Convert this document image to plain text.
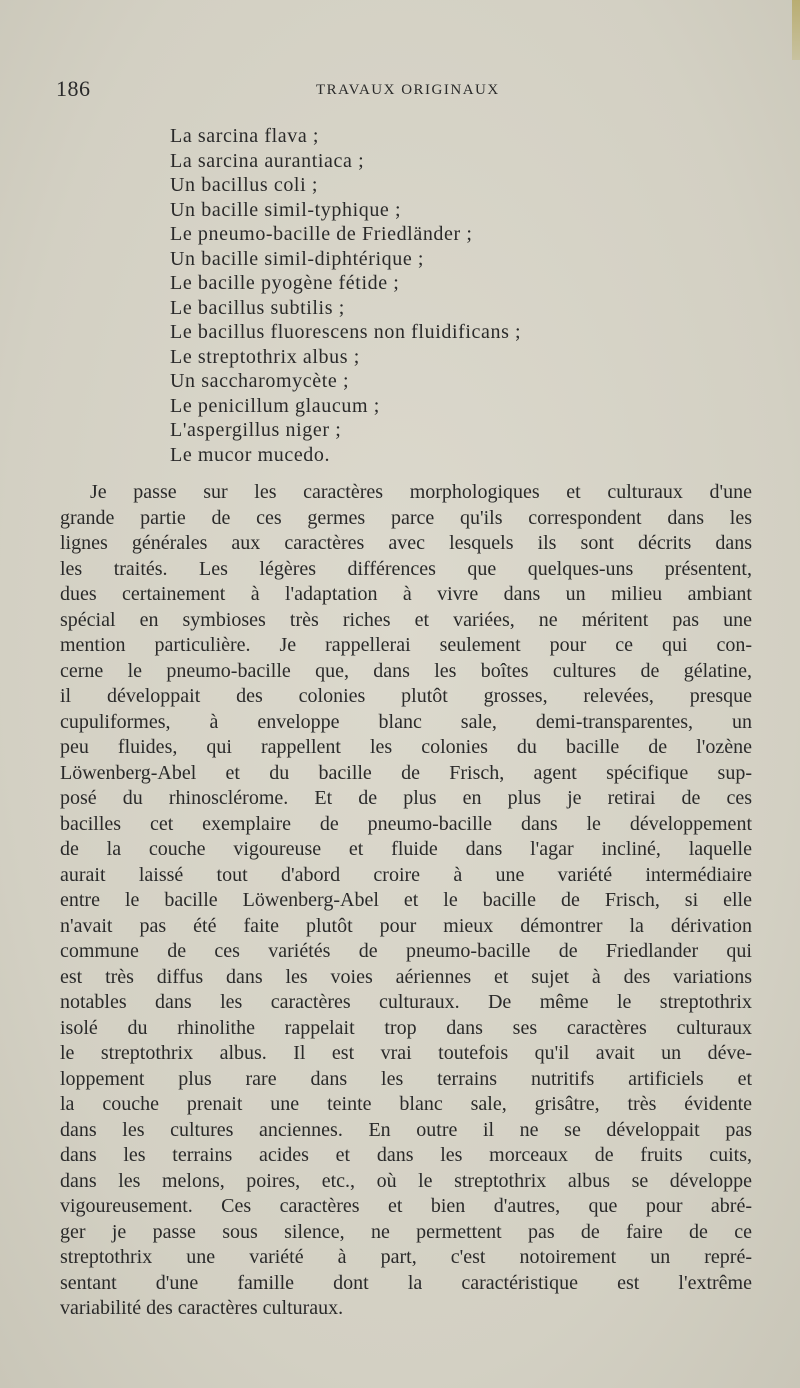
186	TRAVAUX ORIGINAUX
La sarcina flava ;
La sarcina aurantiaca ;
Un bacillus coli ;
Un bacille simil-typhique ;
Le pneumo-bacille de Friedländer ;
Un bacille simil-diphtérique ;
Le bacille pyogène fétide ;
Le bacillus subtilis ;
Le bacillus fluorescens non fluidificans ;
Le streptothrix albus ;
Un saccharomycète ;
Le penicillum glaucum ;
L'aspergillus niger ;
Le mucor mucedo.
Je passe sur les caractères morphologiques et culturaux d'une
grande partie de ces germes parce qu'ils correspondent dans les
lignes générales aux caractères avec lesquels ils sont décrits dans
les traités. Les légères différences que quelques-uns présentent,
dues certainement à l'adaptation à vivre dans un milieu ambiant
spécial en symbioses très riches et variées, ne méritent pas une
mention particulière. Je rappellerai seulement pour ce qui con-
cerne le pneumo-bacille que, dans les boîtes cultures de gélatine,
il développait des colonies plutôt grosses, relevées, presque
cupuliformes, à enveloppe blanc sale, demi-transparentes, un
peu fluides, qui rappellent les colonies du bacille de l'ozène
Löwenberg-Abel et du bacille de Frisch, agent spécifique sup-
posé du rhinosclérome. Et de plus en plus je retirai de ces
bacilles cet exemplaire de pneumo-bacille dans le développement
de la couche vigoureuse et fluide dans l'agar incliné, laquelle
aurait laissé tout d'abord croire à une variété intermédiaire
entre le bacille Löwenberg-Abel et le bacille de Frisch, si elle
n'avait pas été faite plutôt pour mieux démontrer la dérivation
commune de ces variétés de pneumo-bacille de Friedlander qui
est très diffus dans les voies aériennes et sujet à des variations
notables dans les caractères culturaux. De même le streptothrix
isolé du rhinolithe rappelait trop dans ses caractères culturaux
le streptothrix albus. Il est vrai toutefois qu'il avait un déve-
loppement plus rare dans les terrains nutritifs artificiels et
la couche prenait une teinte blanc sale, grisâtre, très évidente
dans les cultures anciennes. En outre il ne se développait pas
dans les terrains acides et dans les morceaux de fruits cuits,
dans les melons, poires, etc., où le streptothrix albus se développe
vigoureusement. Ces caractères et bien d'autres, que pour abré-
ger je passe sous silence, ne permettent pas de faire de ce
streptothrix une variété à part, c'est notoirement un repré-
sentant d'une famille dont la caractéristique est l'extrême
variabilité des caractères culturaux.
